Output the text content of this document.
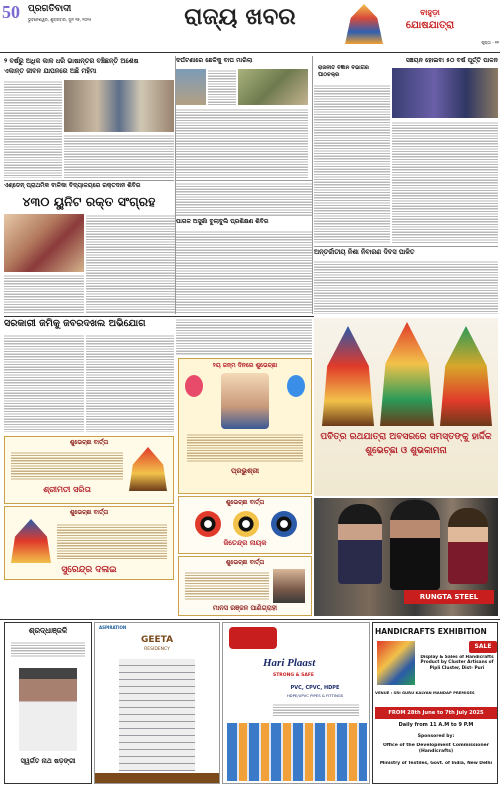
50 ପ୍ରଗତିବାଦୀ
ଭୁବନେଶ୍ୱର, ଶୁକ୍ରବାର, ଜୁନ ୨୭, ୨୦୨୫	ରାଜ୍ୟ ଖବର	ବାହୁଡ଼ା
ଯୋଷଯାତ୍ରା
ପୃଷ୍ଠା - ୧୧
୨ ବର୍ଷରୁ ଅଧିକ କାଳ ଧରି ଭାଷାନ୍ତର ବଞ୍ଚିଛନ୍ତି ଅଶେଷ
ଏକାନ୍ତ ଜୀବନ ଯାପନରେ ଅଛି ମହିମା
ଦର୍ଘଟଣାରେ ଛେଳିକୁ ବାଘ ମାରିଲା
ରାଜନୀତି ବିଜ୍ଞାନ ବିଭାଗର ପାଠଚକ୍ର
ସଞ୍ଚୟନ ହୋଇବା ୫୦ ବର୍ଷ ପୂର୍ତ୍ତି ପାଳନ
ଏଣ୍ଡେନ୍ ପ୍ରାଥମିକ ବାଳିକା ବିଦ୍ୟାଳୟରେ ରକ୍ତଦାନ ଶିବିର
୪୩୦ ୟୁନିଟ ରକ୍ତ ସଂଗ୍ରହ
ପାଗଳ ଅସୁଖାଁ ବୁଲାବୁଲି ପ୍ରଶିକ୍ଷଣ ଶିବିର
ଅନ୍ତର୍ଜାତୀୟ ନିଶା ନିବାରଣ ଦିବସ ପାଳିତ
ସରକାରୀ ଜମିକୁ ଜବରଦଖଲ ଅଭିଯୋଗ
୨ୟ ଜନ୍ମ ଦିନରେ ଶୁଭେଚ୍ଛା
ପ୍ରଭୁଶ୍ରୀ
ପବିତ୍ର ରଥଯାତ୍ରା ଅବସରରେ ସମସ୍ତଙ୍କୁ ହାର୍ଦ୍ଦିକ ଶୁଭେଚ୍ଛା ଓ ଶୁଭକାମନା
ଶୁଭେଚ୍ଛା ବାର୍ତ୍ତା
ଶ୍ରୀମତୀ ସରିତା
ଶୁଭେଚ୍ଛା ବାର୍ତ୍ତା
ଜିତେନ୍ଦ୍ର ନାୟକ
ଶୁଭେଚ୍ଛା ବାର୍ତ୍ତା
ସୁରେନ୍ଦ୍ର ଦଳାଇ
ଶୁଭେଚ୍ଛା ବାର୍ତ୍ତା
ମାନସ ରଞ୍ଜନ ପାଣିଗ୍ରାହୀ
RUNGTA STEEL
ଶ୍ରଦ୍ଧାଞ୍ଜଳି
ସ୍ୱର୍ଗତ ନାଥ ଷଡ଼ଙ୍ଗୀ
ASPIRATION
GEETA
RESIDENCY
Hari Plaast
STRONG & SAFE
PVC, CPVC, HDPE
HDPE/UPVC PIPES & FITTINGS
HANDICRAFTS EXHIBITION
SALE
Display & Sales of Handicrafts Product by Cluster Artisans of Pipli Cluster, Dist- Puri
VENUE : SRI GURU KALYAN MANDAP PREMISES
FROM 28th June to 7th July 2025
Daily from 11 A.M to 9 P.M
Sponsored by:
Office of the Development Commissioner (Handicrafts)
Ministry of Textiles, Govt. of India, New Delhi
